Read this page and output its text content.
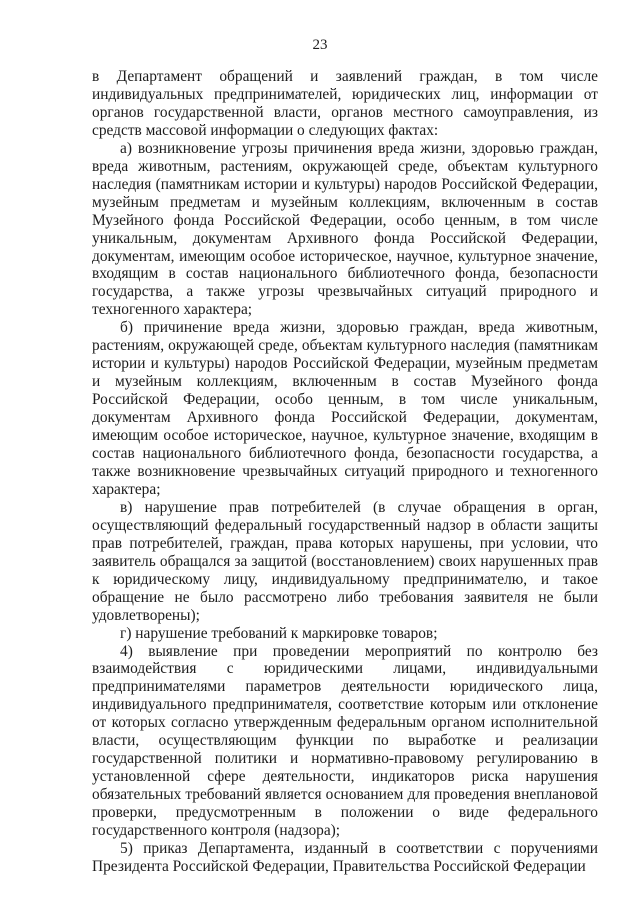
23

в Департамент обращений и заявлений граждан, в том числе индивидуальных предпринимателей, юридических лиц, информации от органов государственной власти, органов местного самоуправления, из средств массовой информации о следующих фактах:

а) возникновение угрозы причинения вреда жизни, здоровью граждан, вреда животным, растениям, окружающей среде, объектам культурного наследия (памятникам истории и культуры) народов Российской Федерации, музейным предметам и музейным коллекциям, включенным в состав Музейного фонда Российской Федерации, особо ценным, в том числе уникальным, документам Архивного фонда Российской Федерации, документам, имеющим особое историческое, научное, культурное значение, входящим в состав национального библиотечного фонда, безопасности государства, а также угрозы чрезвычайных ситуаций природного и техногенного характера;

б) причинение вреда жизни, здоровью граждан, вреда животным, растениям, окружающей среде, объектам культурного наследия (памятникам истории и культуры) народов Российской Федерации, музейным предметам и музейным коллекциям, включенным в состав Музейного фонда Российской Федерации, особо ценным, в том числе уникальным, документам Архивного фонда Российской Федерации, документам, имеющим особое историческое, научное, культурное значение, входящим в состав национального библиотечного фонда, безопасности государства, а также возникновение чрезвычайных ситуаций природного и техногенного характера;

в) нарушение прав потребителей (в случае обращения в орган, осуществляющий федеральный государственный надзор в области защиты прав потребителей, граждан, права которых нарушены, при условии, что заявитель обращался за защитой (восстановлением) своих нарушенных прав к юридическому лицу, индивидуальному предпринимателю, и такое обращение не было рассмотрено либо требования заявителя не были удовлетворены);

г) нарушение требований к маркировке товаров;

4) выявление при проведении мероприятий по контролю без взаимодействия с юридическими лицами, индивидуальными предпринимателями параметров деятельности юридического лица, индивидуального предпринимателя, соответствие которым или отклонение от которых согласно утвержденным федеральным органом исполнительной власти, осуществляющим функции по выработке и реализации государственной политики и нормативно-правовому регулированию в установленной сфере деятельности, индикаторов риска нарушения обязательных требований является основанием для проведения внеплановой проверки, предусмотренным в положении о виде федерального государственного контроля (надзора);

5) приказ Департамента, изданный в соответствии с поручениями Президента Российской Федерации, Правительства Российской Федерации
